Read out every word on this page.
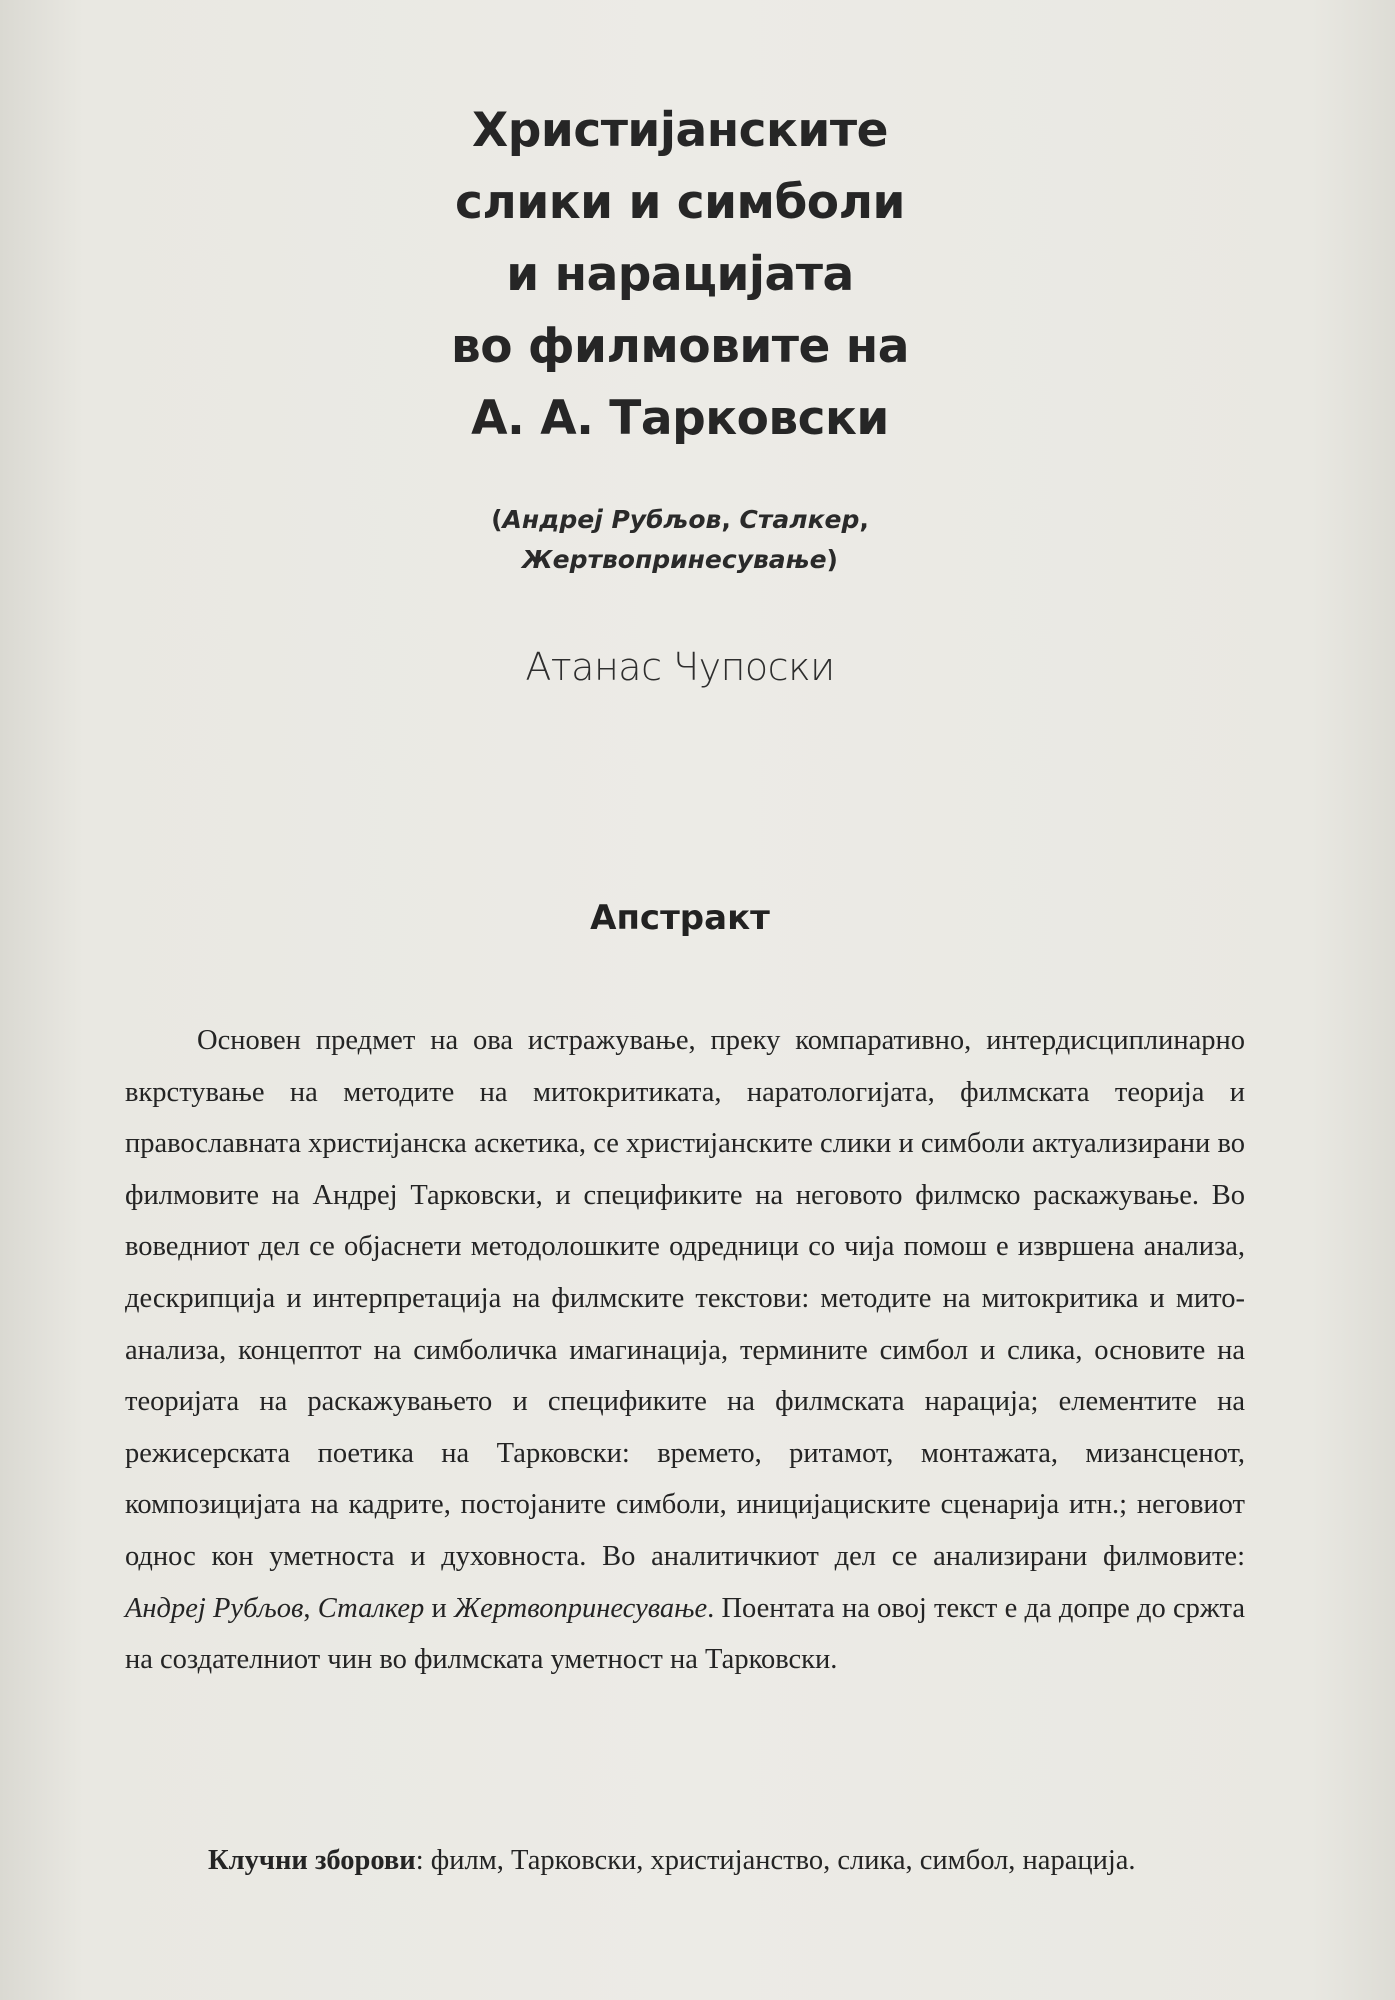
Христијанските
слики и симболи
и нарацијата
во филмовите на
А. А. Тарковски
(Андреј Рубљов, Сталкер,
Жертвопринесување)
Атанас Чупоски
Апстракт

Основен предмет на ова истражување, преку компаративно, интердисциплинарно вкрстување на методите на митокритиката, наратологијата, филмската теорија и православната христијанска аскетика, се христијанските слики и симболи актуализирани во филмовите на Андреј Тарковски, и спецификите на неговото филмско раскажување. Во воведниот дел се објаснети методолошките одредници со чија помош е извршена анализа, дескрипција и интерпретација на филмските текстови: методите на митокритика и митоанализа, концептот на симболичка имагинација, термините симбол и слика, основите на теоријата на раскажувањето и спецификите на филмската нарација; елементите на режисерската поетика на Тарковски: времето, ритамот, монтажата, мизансценот, композицијата на кадрите, постојаните симболи, иницијациските сценарија итн.; неговиот однос кон уметноста и духовноста. Во аналитичкиот дел се анализирани филмовите: Андреј Рубљов, Сталкер и Жертвопринесување. Поентата на овој текст е да допре до сржта на создателниот чин во филмската уметност на Тарковски.

Клучни зборови: филм, Тарковски, христијанство, слика, симбол, нарација.
